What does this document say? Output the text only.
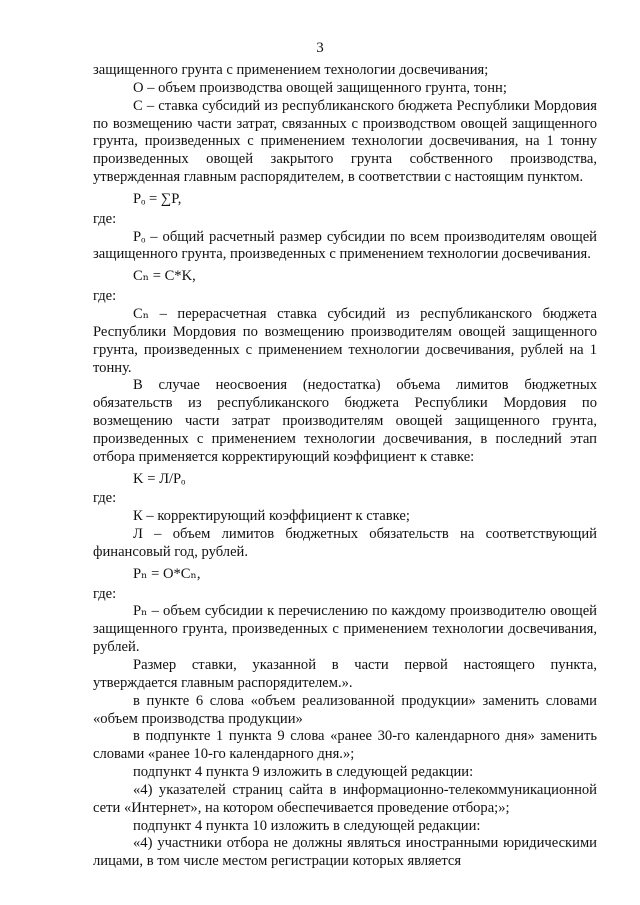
3

защищенного грунта с применением технологии досвечивания;

О – объем производства овощей защищенного грунта, тонн;

С – ставка субсидий из республиканского бюджета Республики Мордовия по возмещению части затрат, связанных с производством овощей защищенного грунта, произведенных с применением технологии досвечивания, на 1 тонну произведенных овощей закрытого грунта собственного производства, утвержденная главным распорядителем, в соответствии с настоящим пунктом.

Pₒ = ∑P,

где:

Pₒ – общий расчетный размер субсидии по всем производителям овощей защищенного грунта, произведенных с применением технологии досвечивания.

Cₙ = C*K,

где:

Cₙ – перерасчетная ставка субсидий из республиканского бюджета Республики Мордовия по возмещению производителям овощей защищенного грунта, произведенных с применением технологии досвечивания, рублей на 1 тонну.

В случае неосвоения (недостатка) объема лимитов бюджетных обязательств из республиканского бюджета Республики Мордовия по возмещению части затрат производителям овощей защищенного грунта, произведенных с применением технологии досвечивания, в последний этап отбора применяется корректирующий коэффициент к ставке:

K = Л/Pₒ

где:

К – корректирующий коэффициент к ставке;

Л – объем лимитов бюджетных обязательств на соответствующий финансовый год, рублей.

Pₙ = O*Cₙ,

где:

Pₙ – объем субсидии к перечислению по каждому производителю овощей защищенного грунта, произведенных с применением технологии досвечивания, рублей.

Размер ставки, указанной в части первой настоящего пункта, утверждается главным распорядителем.».

в пункте 6 слова «объем реализованной продукции» заменить словами «объем производства продукции»

в подпункте 1 пункта 9 слова «ранее 30-го календарного дня» заменить словами «ранее 10-го календарного дня.»;

подпункт 4 пункта 9 изложить в следующей редакции:

«4) указателей страниц сайта в информационно-телекоммуникационной сети «Интернет», на котором обеспечивается проведение отбора;»;

подпункт 4 пункта 10 изложить в следующей редакции:

«4) участники отбора не должны являться иностранными юридическими лицами, в том числе местом регистрации которых является
